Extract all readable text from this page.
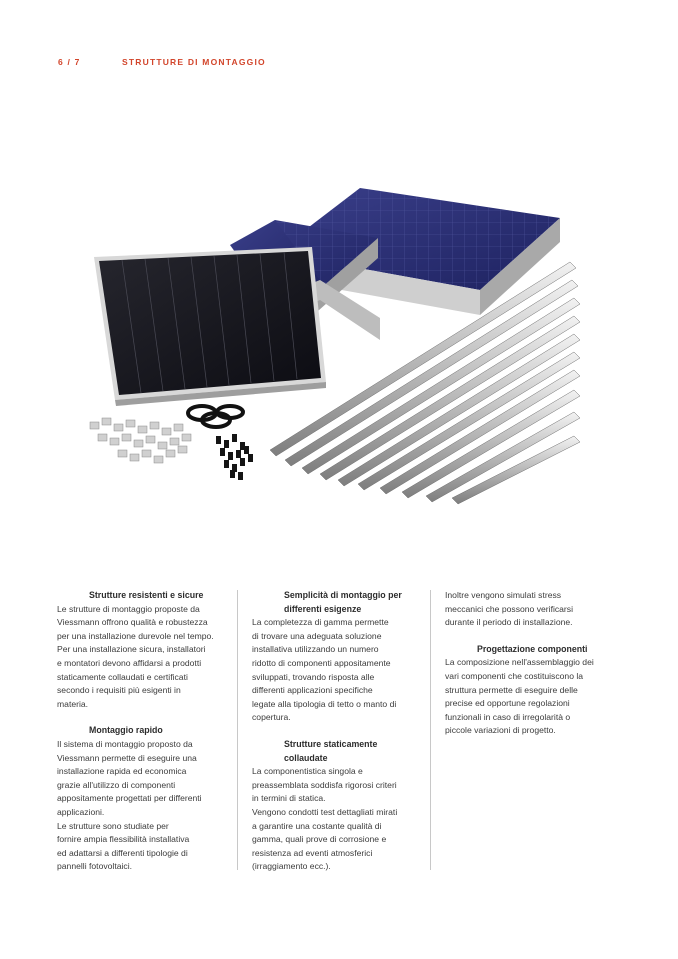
6 / 7	STRUTTURE DI MONTAGGIO
Strutture resistenti e sicure

Le strutture di montaggio proposte da

Viessmann offrono qualità e robustezza

per una installazione durevole nel tempo.

Per una installazione sicura, installatori

e montatori devono affidarsi a prodotti

staticamente collaudati e certificati

secondo i requisiti più esigenti in

materia.

Montaggio rapido

Il sistema di montaggio proposto da

Viessmann permette di eseguire una

installazione rapida ed economica

grazie all'utilizzo di componenti

appositamente progettati per differenti

applicazioni.

Le strutture sono studiate per

fornire ampia flessibilità installativa

ed adattarsi a differenti tipologie di

pannelli fotovoltaici.

Semplicità di montaggio per
differenti esigenze

La completezza di gamma permette

di trovare una adeguata soluzione

installativa utilizzando un numero

ridotto di componenti appositamente

sviluppati, trovando risposta alle

differenti applicazioni specifiche

legate alla tipologia di tetto o manto di

copertura.

Strutture staticamente
collaudate

La componentistica singola e

preassemblata soddisfa rigorosi criteri

in termini di statica.

Vengono condotti test dettagliati mirati

a garantire una costante qualità di

gamma, quali prove di corrosione e

resistenza ad eventi atmosferici

(irraggiamento ecc.).

Inoltre vengono simulati stress

meccanici che possono verificarsi

durante il periodo di installazione.

Progettazione componenti

La composizione nell'assemblaggio dei

vari componenti che costituiscono la

struttura permette di eseguire delle

precise ed opportune regolazioni

funzionali in caso di irregolarità o

piccole variazioni di progetto.
